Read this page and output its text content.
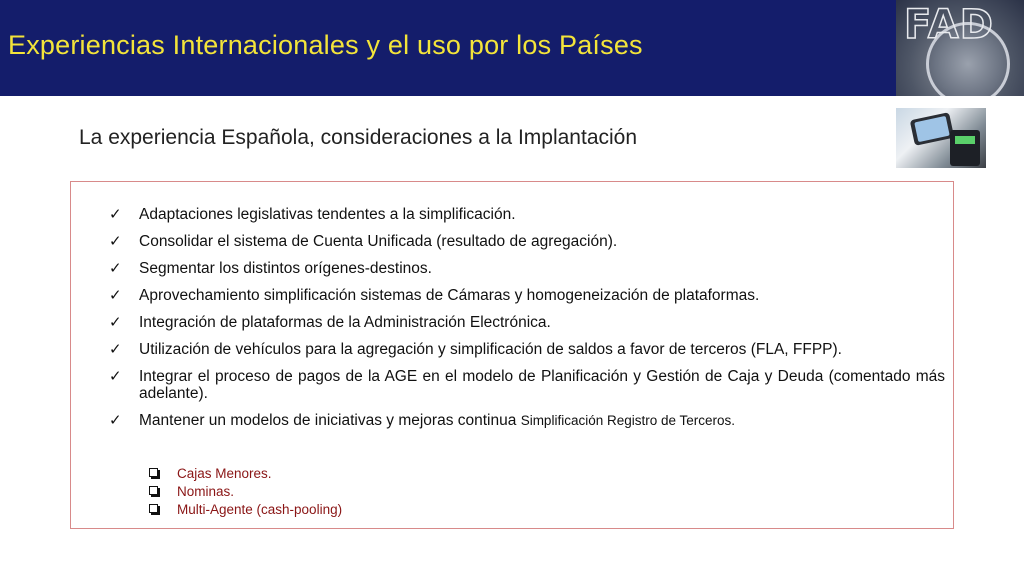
Experiencias Internacionales y el uso por los Países	FAD
La experiencia Española, consideraciones a la Implantación
✓ Adaptaciones legislativas tendentes a la simplificación.
✓ Consolidar el sistema de Cuenta Unificada (resultado de agregación).
✓ Segmentar los distintos orígenes-destinos.
✓ Aprovechamiento simplificación sistemas de Cámaras y homogeneización de plataformas.
✓ Integración de plataformas de la Administración Electrónica.
✓ Utilización de vehículos para la agregación y simplificación de saldos a favor de terceros (FLA, FFPP).
✓ Integrar el proceso de pagos de la AGE en el modelo de Planificación y Gestión de Caja y Deuda (comentado más adelante).
✓ Mantener un modelos de iniciativas y mejoras continua Simplificación Registro de Terceros.
Cajas Menores.
Nominas.
Multi-Agente (cash-pooling)
